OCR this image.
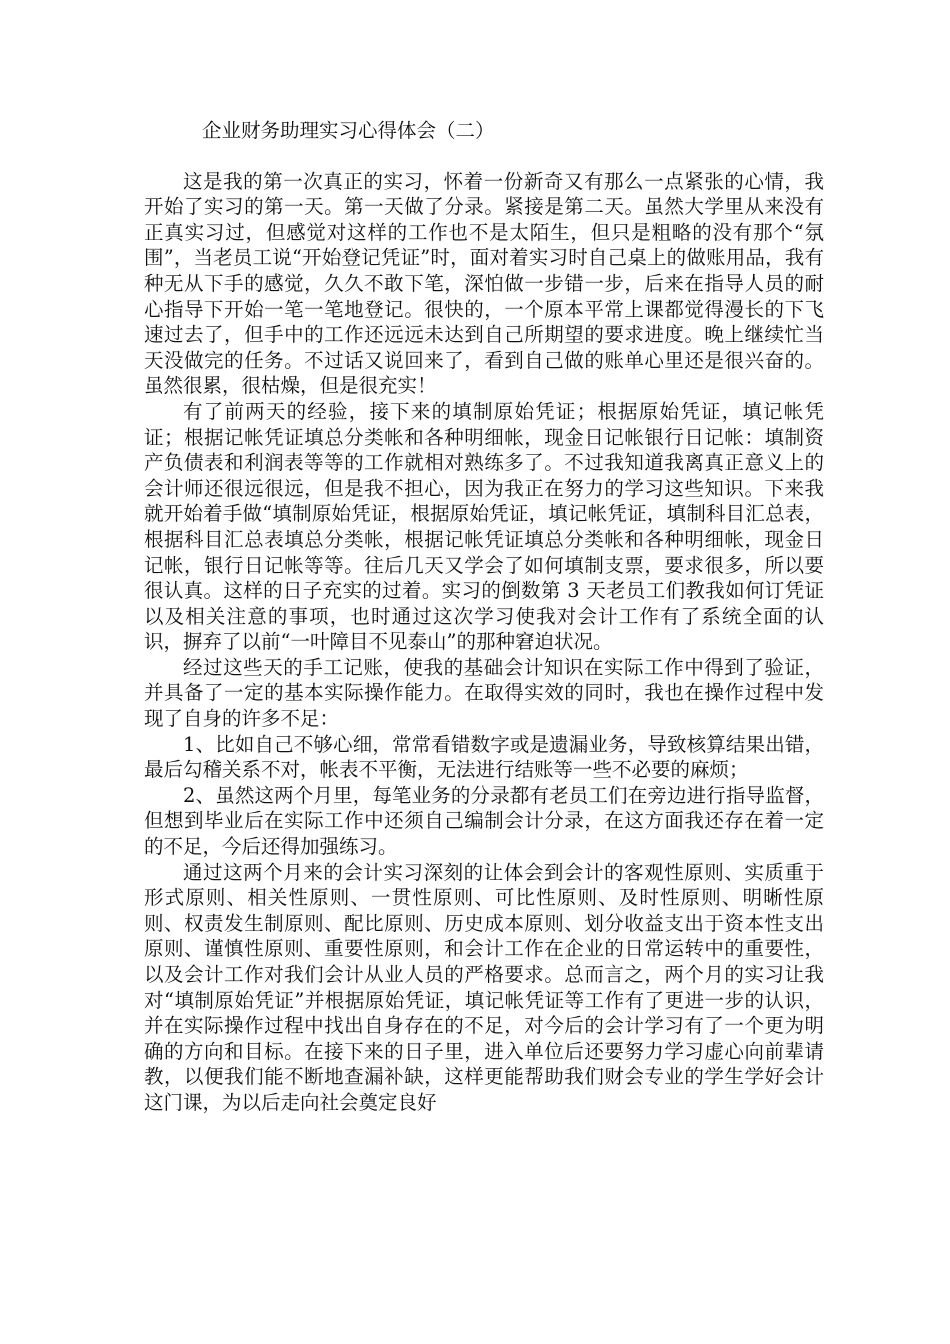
企业财务助理实习心得体会（二）

这是我的第一次真正的实习，怀着一份新奇又有那么一点紧张的心情，我开始了实习的第一天。第一天做了分录。紧接是第二天。虽然大学里从来没有正真实习过，但感觉对这样的工作也不是太陌生，但只是粗略的没有那个“氛围”，当老员工说“开始登记凭证”时，面对着实习时自己桌上的做账用品，我有种无从下手的感觉，久久不敢下笔，深怕做一步错一步，后来在指导人员的耐心指导下开始一笔一笔地登记。很快的，一个原本平常上课都觉得漫长的下飞速过去了，但手中的工作还远远未达到自己所期望的要求进度。晚上继续忙当天没做完的任务。不过话又说回来了，看到自己做的账单心里还是很兴奋的。虽然很累，很枯燥，但是很充实！

有了前两天的经验，接下来的填制原始凭证；根据原始凭证，填记帐凭证；根据记帐凭证填总分类帐和各种明细帐，现金日记帐银行日记帐：填制资产负债表和利润表等等的工作就相对熟练多了。不过我知道我离真正意义上的会计师还很远很远，但是我不担心，因为我正在努力的学习这些知识。下来我就开始着手做“填制原始凭证，根据原始凭证，填记帐凭证，填制科目汇总表，根据科目汇总表填总分类帐，根据记帐凭证填总分类帐和各种明细帐，现金日记帐，银行日记帐等等。往后几天又学会了如何填制支票，要求很多，所以要很认真。这样的日子充实的过着。实习的倒数第 3 天老员工们教我如何订凭证以及相关注意的事项，也时通过这次学习使我对会计工作有了系统全面的认识，摒弃了以前“一叶障目不见泰山”的那种窘迫状况。

经过这些天的手工记账，使我的基础会计知识在实际工作中得到了验证，并具备了一定的基本实际操作能力。在取得实效的同时，我也在操作过程中发现了自身的许多不足：

1、比如自己不够心细，常常看错数字或是遗漏业务，导致核算结果出错，最后勾稽关系不对，帐表不平衡，无法进行结账等一些不必要的麻烦；

2、虽然这两个月里，每笔业务的分录都有老员工们在旁边进行指导监督，但想到毕业后在实际工作中还须自己编制会计分录，在这方面我还存在着一定的不足，今后还得加强练习。

通过这两个月来的会计实习深刻的让体会到会计的客观性原则、实质重于形式原则、相关性原则、一贯性原则、可比性原则、及时性原则、明晰性原则、权责发生制原则、配比原则、历史成本原则、划分收益支出于资本性支出原则、谨慎性原则、重要性原则，和会计工作在企业的日常运转中的重要性，以及会计工作对我们会计从业人员的严格要求。总而言之，两个月的实习让我对“填制原始凭证”并根据原始凭证，填记帐凭证等工作有了更进一步的认识，并在实际操作过程中找出自身存在的不足，对今后的会计学习有了一个更为明确的方向和目标。在接下来的日子里，进入单位后还要努力学习虚心向前辈请教，以便我们能不断地查漏补缺，这样更能帮助我们财会专业的学生学好会计这门课，为以后走向社会奠定良好
